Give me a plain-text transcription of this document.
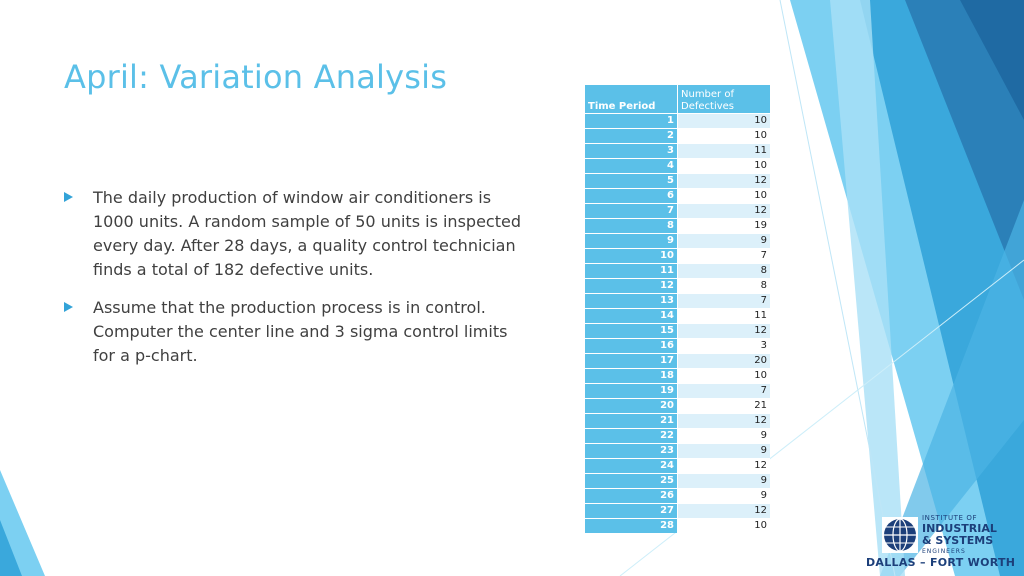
April: Variation Analysis
The daily production of window air conditioners is 1000 units. A random sample of 50 units is inspected every day. After 28 days, a quality control technician finds a total of 182 defective units.
Assume that the production process is in control. Computer the center line and 3 sigma control limits for a p-chart.
Time Period	Number of Defectives
1	10
2	10
3	11
4	10
5	12
6	10
7	12
8	19
9	9
10	7
11	8
12	8
13	7
14	11
15	12
16	3
17	20
18	10
19	7
20	21
21	12
22	9
23	9
24	12
25	9
26	9
27	12
28	10
INSTITUTE OF
INDUSTRIAL
& SYSTEMS
ENGINEERS
DALLAS – FORT WORTH
